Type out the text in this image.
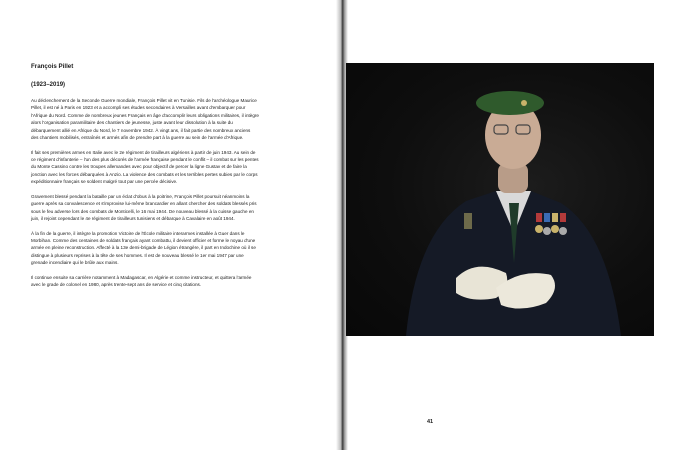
François Pillet
(1923–2019)

Au déclenchement de la Seconde Guerre mondiale, François Pillet vit en Tunisie. Fils de l'archéologue Maurice Pillet, il est né à Paris en 1923 et a accompli ses études secondaires à Versailles avant d'embarquer pour l'Afrique du Nord. Comme de nombreux jeunes Français en âge d'accomplir leurs obligations militaires, il intègre alors l'organisation paramilitaire des chantiers de jeunesse, juste avant leur dissolution à la suite du débarquement allié en Afrique du Nord, le 7 novembre 1942. À vingt ans, il fait partie des nombreux anciens des chantiers mobilisés, entraînés et armés afin de prendre part à la guerre au sein de l'armée d'Afrique.

Il fait ses premières armes en Italie avec le 2e régiment de tirailleurs algériens à partir de juin 1943. Au sein de ce régiment d'infanterie – l'un des plus décorés de l'armée française pendant le conflit – il combat sur les pentes du Monte Cassino contre les troupes allemandes avec pour objectif de percer la ligne Gustav et de faire la jonction avec les forces débarquées à Anzio. La violence des combats et les terribles pertes subies par le corps expéditionnaire français se soldent malgré tout par une percée décisive.

Gravement blessé pendant la bataille par un éclat d'obus à la poitrine, François Pillet poursuit néanmoins la guerre après sa convalescence et s'improvise lui-même brancardier en allant chercher des soldats blessés pris sous le feu adverse lors des combats de Monticelli, le 16 mai 1944. De nouveau blessé à la cuisse gauche en juin, il rejoint cependant le 4e régiment de tirailleurs tunisiens et débarque à Cavalaire en août 1944.

À la fin de la guerre, il intègre la promotion Victoire de l'École militaire interarmes installée à Guer dans le Morbihan. Comme des centaines de soldats français ayant combattu, il devient officier et forme le noyau d'une armée en pleine reconstruction. Affecté à la 13e demi-brigade de Légion étrangère, il part en Indochine où il se distingue à plusieurs reprises à la tête de ses hommes. Il est de nouveau blessé le 1er mai 1947 par une grenade incendiaire qui le brûle aux mains.

Il continue ensuite sa carrière notamment à Madagascar, en Algérie et comme instructeur, et quittera l'armée avec le grade de colonel en 1980, après trente-sept ans de service et cinq citations.

41
